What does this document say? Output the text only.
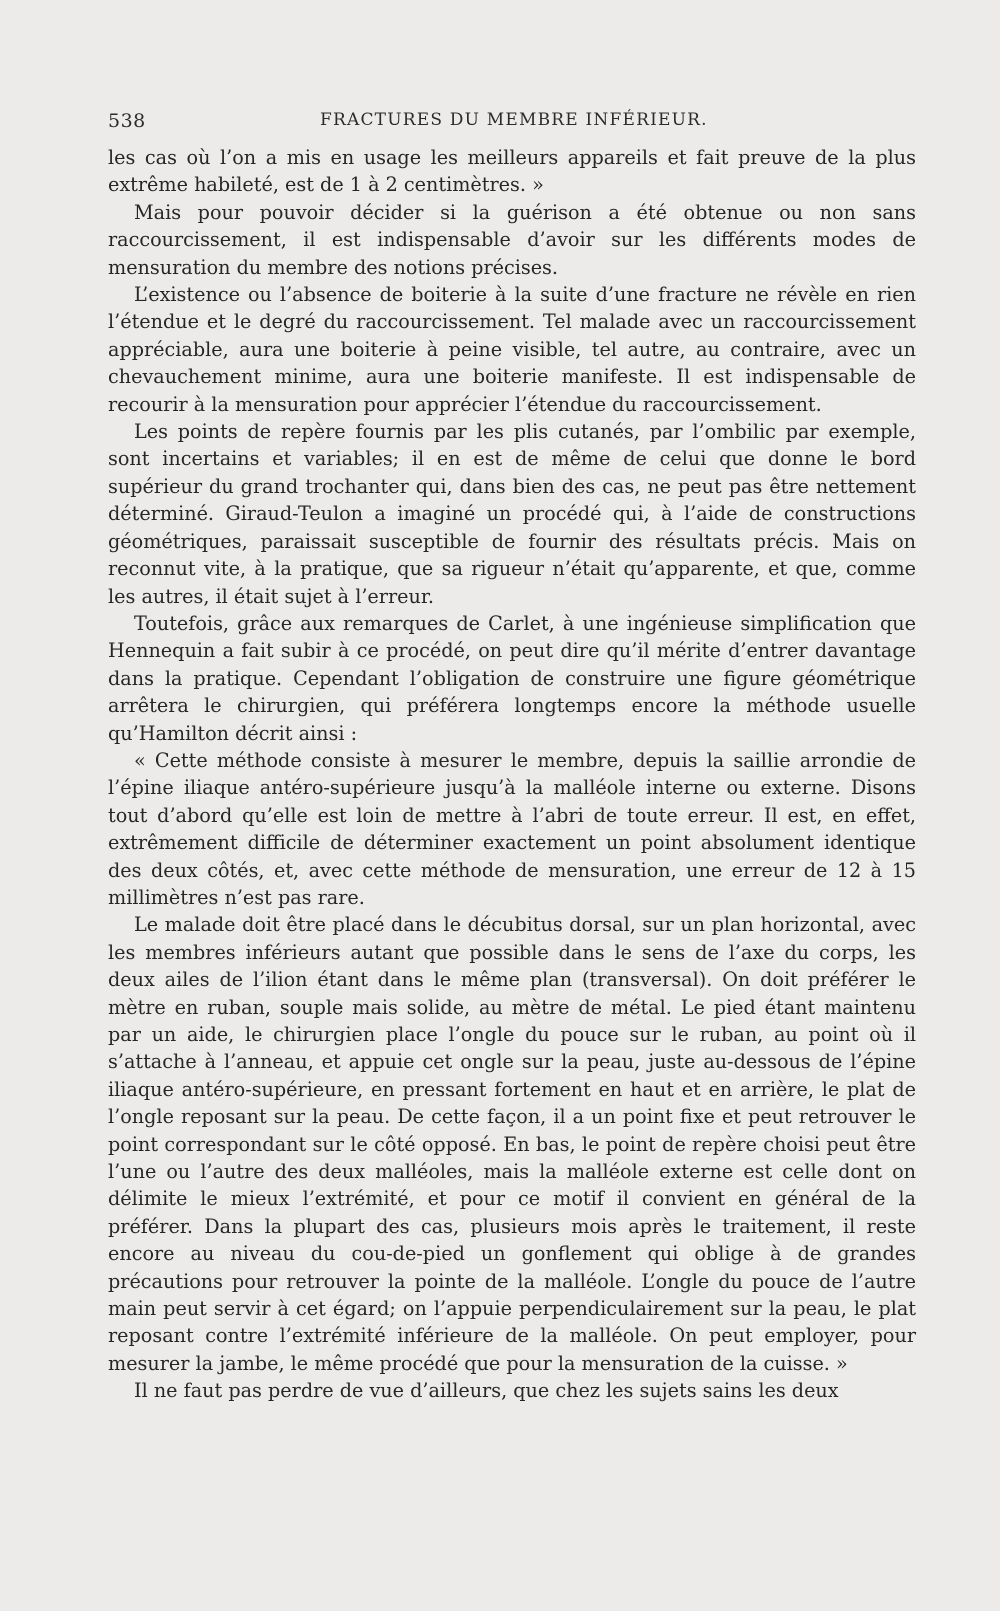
538	FRACTURES DU MEMBRE INFÉRIEUR.

les cas où l’on a mis en usage les meilleurs appareils et fait preuve de la plus extrême habileté, est de 1 à 2 centimètres. »

Mais pour pouvoir décider si la guérison a été obtenue ou non sans raccourcissement, il est indispensable d’avoir sur les différents modes de mensuration du membre des notions précises.

L’existence ou l’absence de boiterie à la suite d’une fracture ne révèle en rien l’étendue et le degré du raccourcissement. Tel malade avec un raccourcissement appréciable, aura une boiterie à peine visible, tel autre, au contraire, avec un chevauchement minime, aura une boiterie manifeste. Il est indispensable de recourir à la mensuration pour apprécier l’étendue du raccourcissement.

Les points de repère fournis par les plis cutanés, par l’ombilic par exemple, sont incertains et variables; il en est de même de celui que donne le bord supérieur du grand trochanter qui, dans bien des cas, ne peut pas être nettement déterminé. Giraud-Teulon a imaginé un procédé qui, à l’aide de constructions géométriques, paraissait susceptible de fournir des résultats précis. Mais on reconnut vite, à la pratique, que sa rigueur n’était qu’apparente, et que, comme les autres, il était sujet à l’erreur.

Toutefois, grâce aux remarques de Carlet, à une ingénieuse simplification que Hennequin a fait subir à ce procédé, on peut dire qu’il mérite d’entrer davantage dans la pratique. Cependant l’obligation de construire une figure géométrique arrêtera le chirurgien, qui préférera longtemps encore la méthode usuelle qu’Hamilton décrit ainsi :

« Cette méthode consiste à mesurer le membre, depuis la saillie arrondie de l’épine iliaque antéro-supérieure jusqu’à la malléole interne ou externe. Disons tout d’abord qu’elle est loin de mettre à l’abri de toute erreur. Il est, en effet, extrêmement difficile de déterminer exactement un point absolument identique des deux côtés, et, avec cette méthode de mensuration, une erreur de 12 à 15 millimètres n’est pas rare.

Le malade doit être placé dans le décubitus dorsal, sur un plan horizontal, avec les membres inférieurs autant que possible dans le sens de l’axe du corps, les deux ailes de l’ilion étant dans le même plan (transversal). On doit préférer le mètre en ruban, souple mais solide, au mètre de métal. Le pied étant maintenu par un aide, le chirurgien place l’ongle du pouce sur le ruban, au point où il s’attache à l’anneau, et appuie cet ongle sur la peau, juste au-dessous de l’épine iliaque antéro-supérieure, en pressant fortement en haut et en arrière, le plat de l’ongle reposant sur la peau. De cette façon, il a un point fixe et peut retrouver le point correspondant sur le côté opposé. En bas, le point de repère choisi peut être l’une ou l’autre des deux malléoles, mais la malléole externe est celle dont on délimite le mieux l’extrémité, et pour ce motif il convient en général de la préférer. Dans la plupart des cas, plusieurs mois après le traitement, il reste encore au niveau du cou-de-pied un gonflement qui oblige à de grandes précautions pour retrouver la pointe de la malléole. L’ongle du pouce de l’autre main peut servir à cet égard; on l’appuie perpendiculairement sur la peau, le plat reposant contre l’extrémité inférieure de la malléole. On peut employer, pour mesurer la jambe, le même procédé que pour la mensuration de la cuisse. »

Il ne faut pas perdre de vue d’ailleurs, que chez les sujets sains les deux
